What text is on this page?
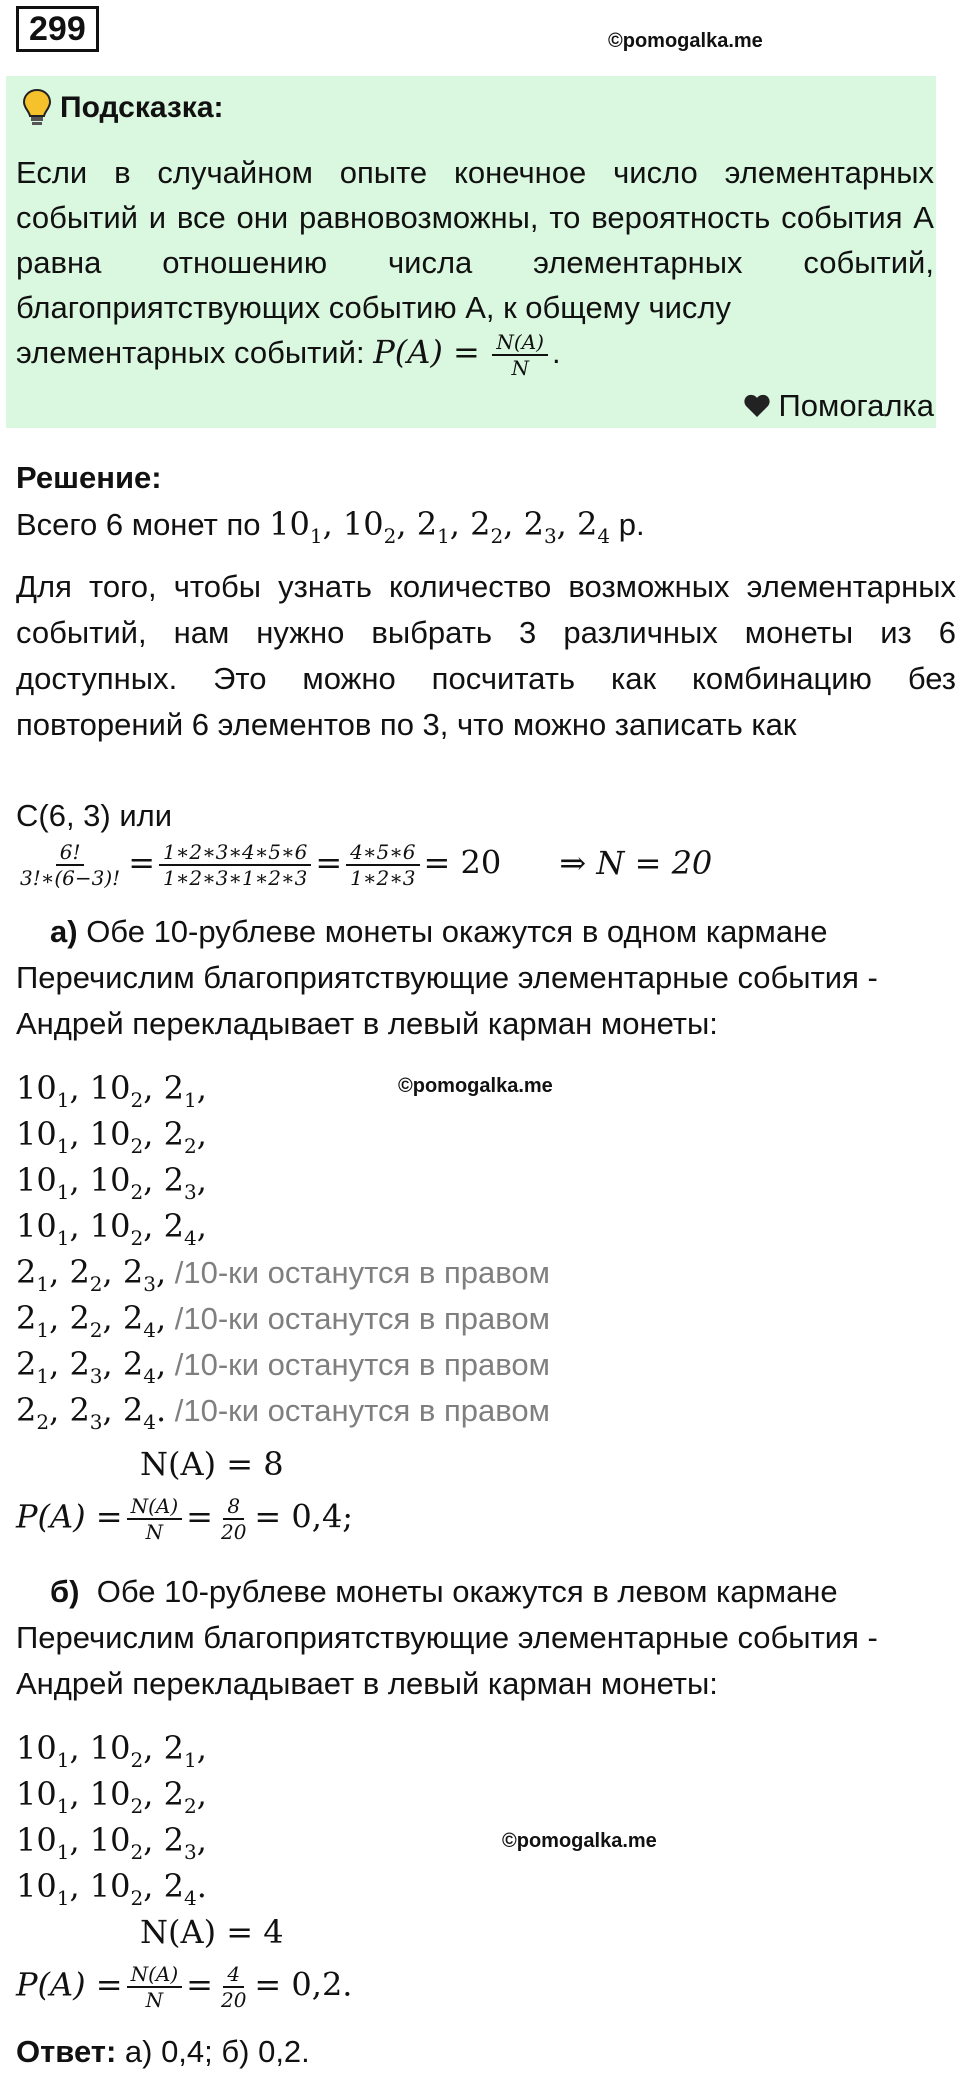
299	©pomogalka.me
Подсказка:
Если в случайном опыте конечное число элементарных событий и все они равновозможны, то вероятность события А равна отношению числа элементарных событий, благоприятствующих событию А, к общему числу
элементарных событий: $P(A) = \frac{N(A)}{N}$ .
Помогалка
Решение:
Всего 6 монет по $10_1$, $10_2$, $2_1$, $2_2$, $2_3$, $2_4$ р.
Для того, чтобы узнать количество возможных элементарных событий, нам нужно выбрать 3 различных монеты из 6 доступных. Это можно посчитать как комбинацию без повторений 6 элементов по 3, что можно записать как
C(6, 3) или
$\frac{6!}{3!∗(6-3)!} = \frac{1∗2∗3∗4∗5∗6}{1∗2∗3∗1∗2∗3} = \frac{4∗5∗6}{1∗2∗3} = 20$ ⇒ N = 20
а) Обе 10-рублеве монеты окажутся в одном кармане
Перечислим благоприятствующие элементарные события -
Андрей перекладывает в левый карман монеты:
©pomogalka.me
$10_1$, $10_2$, $2_1$,
$10_1$, $10_2$, $2_2$,
$10_1$, $10_2$, $2_3$,
$10_1$, $10_2$, $2_4$,
$2_1$, $2_2$, $2_3$, /10-ки останутся в правом
$2_1$, $2_2$, $2_4$, /10-ки останутся в правом
$2_1$, $2_3$, $2_4$, /10-ки останутся в правом
$2_2$, $2_3$, $2_4$. /10-ки останутся в правом
N(A) = 8
$P(A) = \frac{N(A)}{N} = \frac{8}{20} = 0,4$;
б)  Обе 10-рублеве монеты окажутся в левом кармане
Перечислим благоприятствующие элементарные события -
Андрей перекладывает в левый карман монеты:
$10_1$, $10_2$, $2_1$,
$10_1$, $10_2$, $2_2$,
$10_1$, $10_2$, $2_3$,
$10_1$, $10_2$, $2_4$.
©pomogalka.me
N(A) = 4
$P(A) = \frac{N(A)}{N} = \frac{4}{20} = 0,2$.
Ответ: а) 0,4; б) 0,2.
